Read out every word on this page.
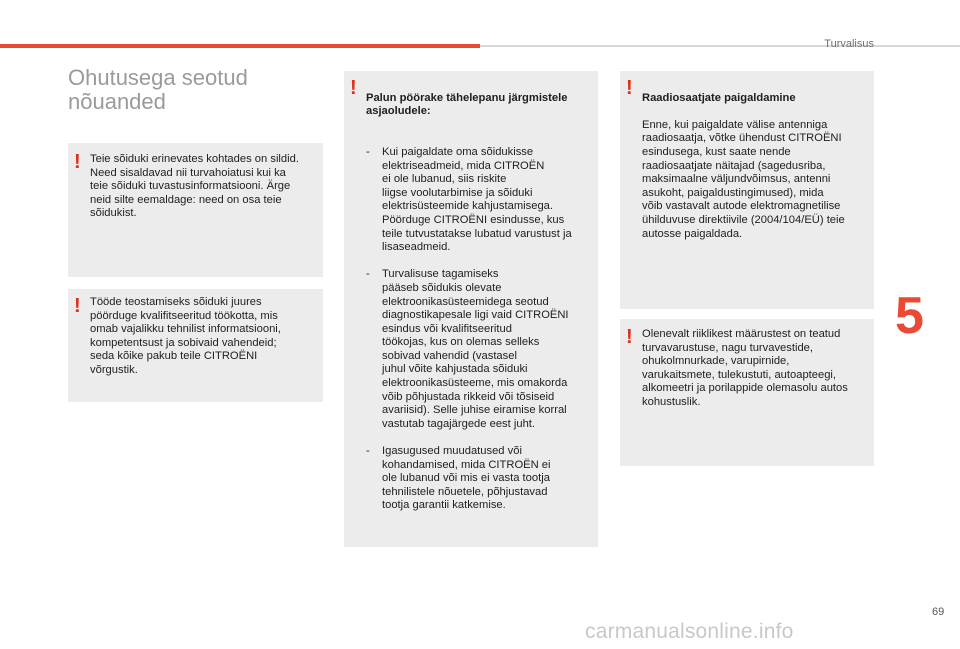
Turvalisus
Ohutusega seotud
nõuanded
! Teie sõiduki erinevates kohtades on sildid.
Need sisaldavad nii turvahoiatusi kui ka
teie sõiduki tuvastusinformatsiooni. Ärge
neid silte eemaldage: need on osa teie
sõidukist.
! Tööde teostamiseks sõiduki juures
pöörduge kvalifitseeritud töökotta, mis
omab vajalikku tehnilist informatsiooni,
kompetentsust ja sobivaid vahendeid;
seda kõike pakub teile CITROËNI
võrgustik.
! Palun pöörake tähelepanu järgmistele
asjaoludele:

- Kui paigaldate oma sõidukisse
elektriseadmeid, mida CITROËN
ei ole lubanud, siis riskite
liigse voolutarbimise ja sõiduki
elektrisüsteemide kahjustamisega.
Pöörduge CITROËNI esindusse, kus
teile tutvustatakse lubatud varustust ja
lisaseadmeid.

- Turvalisuse tagamiseks
pääseb sõidukis olevate
elektroonikasüsteemidega seotud
diagnostikapesale ligi vaid CITROËNI
esindus või kvalifitseeritud
töökojas, kus on olemas selleks
sobivad vahendid (vastasel
juhul võite kahjustada sõiduki
elektroonikasüsteeme, mis omakorda
võib põhjustada rikkeid või tõsiseid
avariisid). Selle juhise eiramise korral
vastutab tagajärgede eest juht.

- Igasugused muudatused või
kohandamised, mida CITROËN ei
ole lubanud või mis ei vasta tootja
tehnilistele nõuetele, põhjustavad
tootja garantii katkemise.

! Raadiosaatjate paigaldamine

Enne, kui paigaldate välise antenniga
raadiosaatja, võtke ühendust CITROËNI
esindusega, kust saate nende
raadiosaatjate näitajad (sagedusriba,
maksimaalne väljundvõimsus, antenni
asukoht, paigaldustingimused), mida
võib vastavalt autode elektromagnetilise
ühilduvuse direktiivile (2004/104/EÜ) teie
autosse paigaldada.

! Olenevalt riiklikest määrustest on teatud
turvavarustuse, nagu turvavestide,
ohukolmnurkade, varupirnide,
varukaitsmete, tulekustuti, autoapteegi,
alkomeetri ja porilappide olemasolu autos
kohustuslik.
5
69
carmanualsonline.info
